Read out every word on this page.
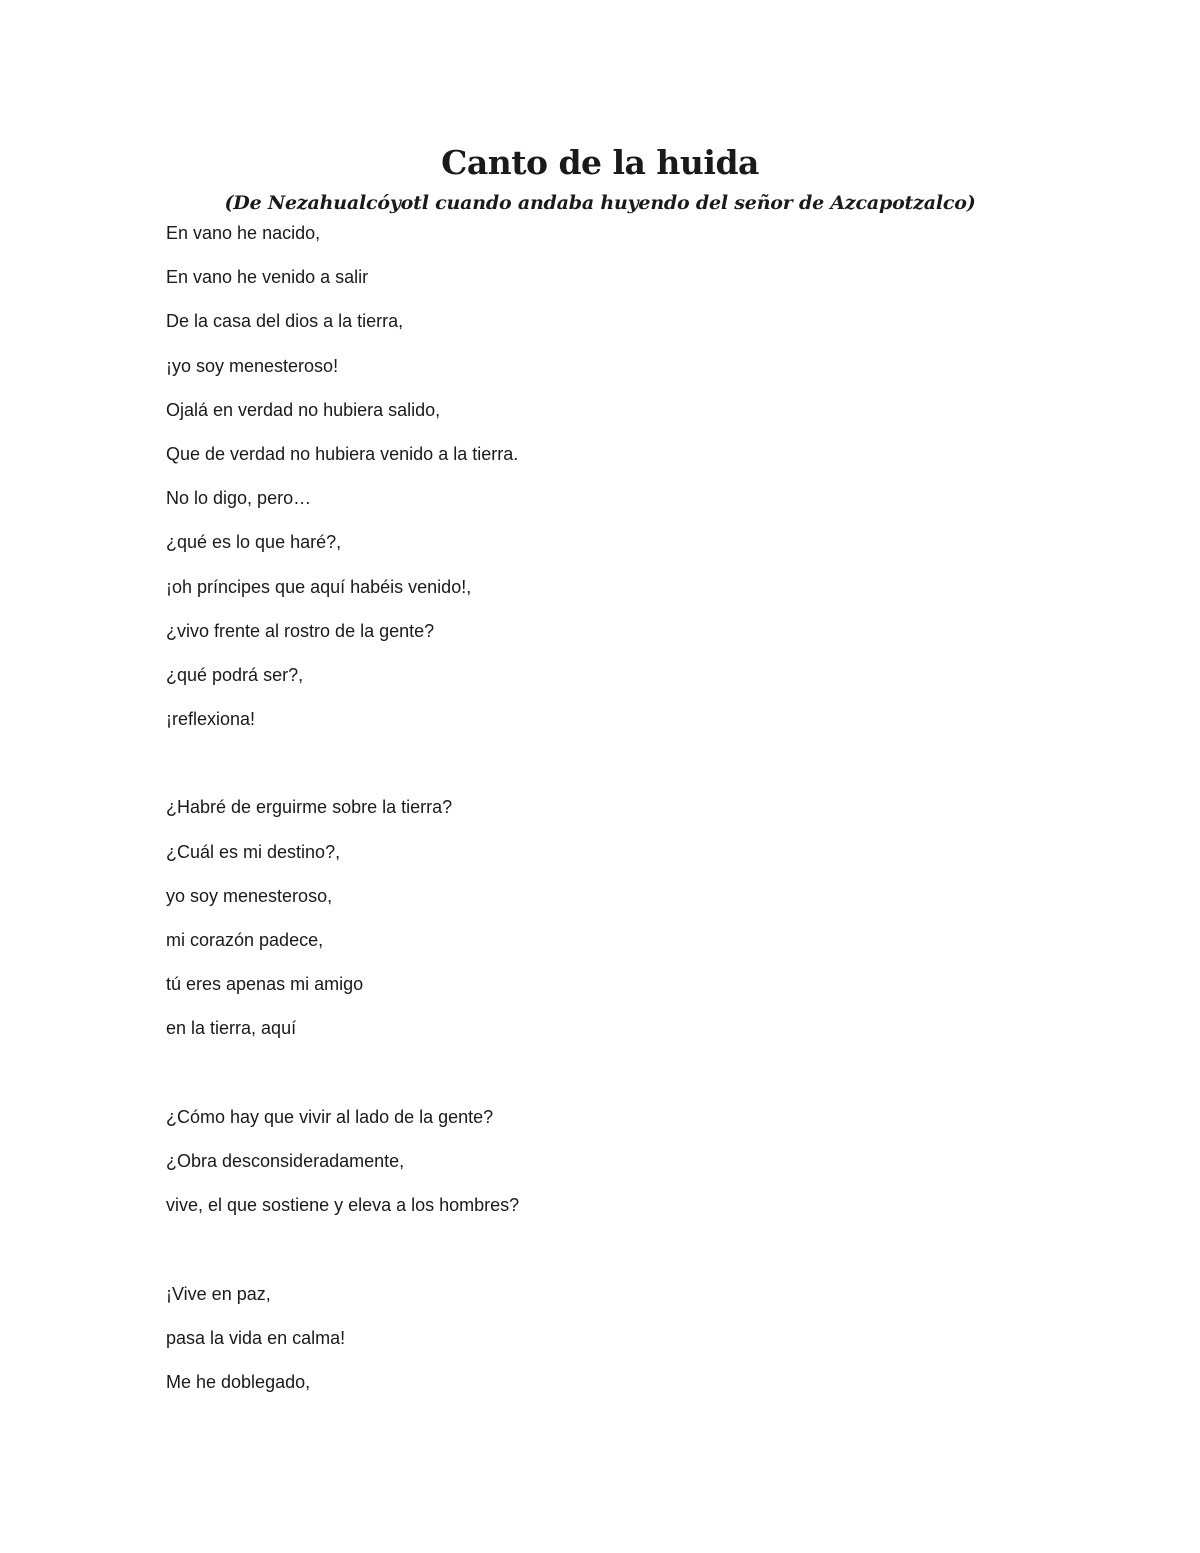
Canto de la huida

(De Nezahualcóyotl cuando andaba huyendo del señor de Azcapotzalco)

En vano he nacido,
En vano he venido a salir
De la casa del dios a la tierra,
¡yo soy menesteroso!
Ojalá en verdad no hubiera salido,
Que de verdad no hubiera venido a la tierra.
No lo digo, pero…
¿qué es lo que haré?,
¡oh príncipes que aquí habéis venido!,
¿vivo frente al rostro de la gente?
¿qué podrá ser?,
¡reflexiona!
¿Habré de erguirme sobre la tierra?
¿Cuál es mi destino?,
yo soy menesteroso,
mi corazón padece,
tú eres apenas mi amigo
en la tierra, aquí
¿Cómo hay que vivir al lado de la gente?
¿Obra desconsideradamente,
vive, el que sostiene y eleva a los hombres?
¡Vive en paz,
pasa la vida en calma!
Me he doblegado,
